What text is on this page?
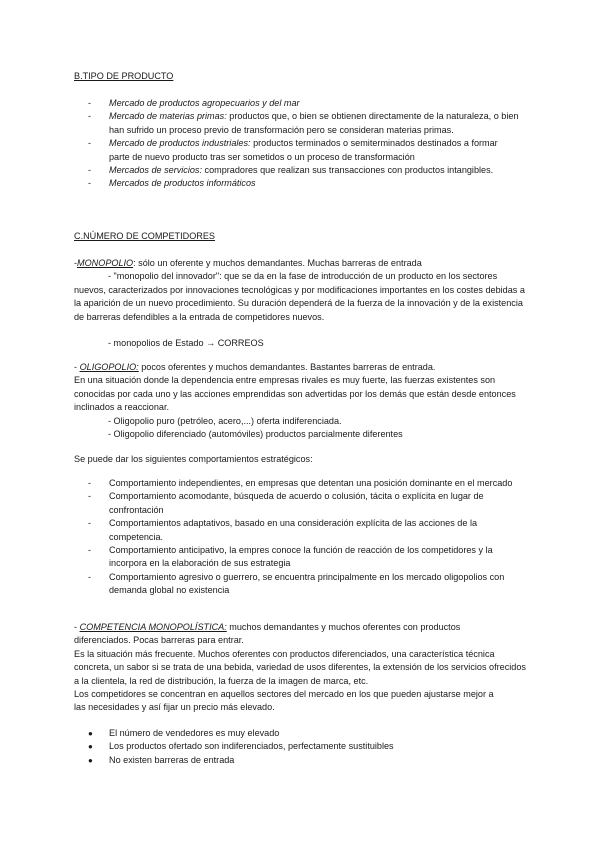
B.TIPO DE PRODUCTO
-	Mercado de productos agropecuarios y del mar
-	Mercado de materias primas: productos que, o bien se obtienen directamente de la naturaleza, o bien han sufrido un proceso previo de transformación pero se consideran materias primas.
-	Mercado de productos industriales: productos terminados o semiterminados destinados a formar parte de nuevo producto tras ser sometidos o un proceso de transformación
-	Mercados de servicios: compradores que realizan sus transacciones con productos intangibles.
-	Mercados de productos informáticos
C.NÚMERO DE COMPETIDORES
-MONOPOLIO: sólo un oferente y muchos demandantes. Muchas barreras de entrada
- "monopolio del innovador": que se da en la fase de introducción de un producto en los sectores nuevos, caracterizados por innovaciones tecnológicas y por modificaciones importantes en los costes debidas a la aparición de un nuevo procedimiento. Su duración dependerá de la fuerza de la innovación y de la existencia de barreras defendibles a la entrada de competidores nuevos.
- monopolios de Estado → CORREOS
- OLIGOPOLIO: pocos oferentes y muchos demandantes. Bastantes barreras de entrada.
En una situación donde la dependencia entre empresas rivales es muy fuerte, las fuerzas existentes son conocidas por cada uno y las acciones emprendidas son advertidas por los demás que están desde entonces inclinados a reaccionar.
- Oligopolio puro (petróleo, acero,...) oferta indiferenciada.
- Oligopolio diferenciado (automóviles) productos parcialmente diferentes
Se puede dar los siguientes comportamientos estratégicos:
-	Comportamiento independientes, en empresas que detentan una posición dominante en el mercado
-	Comportamiento acomodante, búsqueda de acuerdo o colusión, tácita o explícita en lugar de confrontación
-	Comportamientos adaptativos, basado en una consideración explícita de las acciones de la competencia.
-	Comportamiento anticipativo, la empres conoce la función de reacción de los competidores y la incorpora en la elaboración de sus estrategia
-	Comportamiento agresivo o guerrero, se encuentra principalmente en los mercado oligopolios con demanda global no existencia
- COMPETENCIA MONOPOLÍSTICA: muchos demandantes y muchos oferentes con productos diferenciados. Pocas barreras para entrar.
Es la situación más frecuente. Muchos oferentes con productos diferenciados, una característica técnica concreta, un sabor si se trata de una bebida, variedad de usos diferentes, la extensión de los servicios ofrecidos a la clientela, la red de distribución, la fuerza de la imagen de marca, etc.
Los competidores se concentran en aquellos sectores del mercado en los que pueden ajustarse mejor a las necesidades y así fijar un precio más elevado.
●	El número de vendedores es muy elevado
●	Los productos ofertado son indiferenciados, perfectamente sustituibles
●	No existen barreras de entrada
